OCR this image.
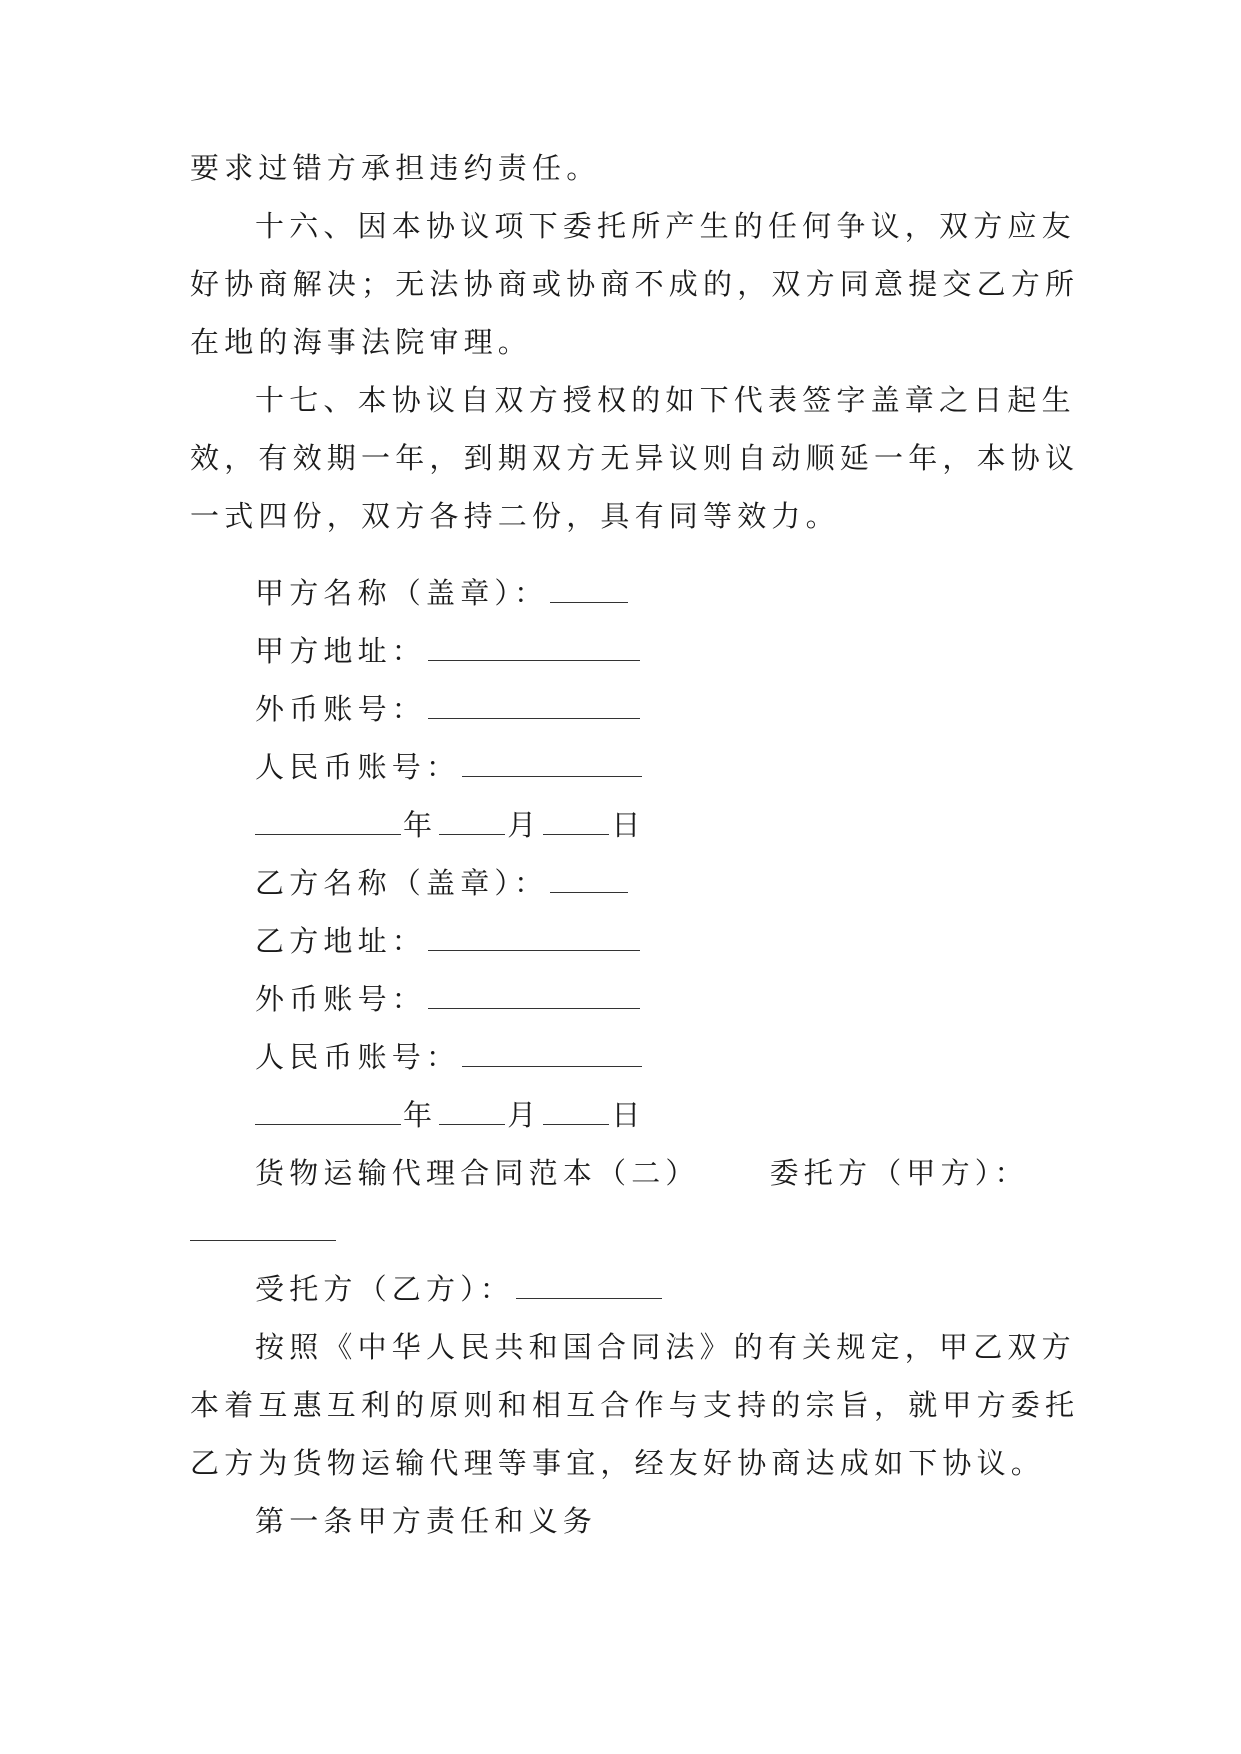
要求过错方承担违约责任。
十六、因本协议项下委托所产生的任何争议，双方应友
好协商解决；无法协商或协商不成的，双方同意提交乙方所
在地的海事法院审理。
十七、本协议自双方授权的如下代表签字盖章之日起生
效，有效期一年，到期双方无异议则自动顺延一年，本协议
一式四份，双方各持二份，具有同等效力。
甲方名称（盖章）：
甲方地址：
外币账号：
人民币账号：
年 月 日
乙方名称（盖章）：
乙方地址：
外币账号：
人民币账号：
年 月 日
货物运输代理合同范本（二） 委托方（甲方）：
受托方（乙方）：
按照《中华人民共和国合同法》的有关规定，甲乙双方
本着互惠互利的原则和相互合作与支持的宗旨，就甲方委托
乙方为货物运输代理等事宜，经友好协商达成如下协议。
第一条甲方责任和义务
